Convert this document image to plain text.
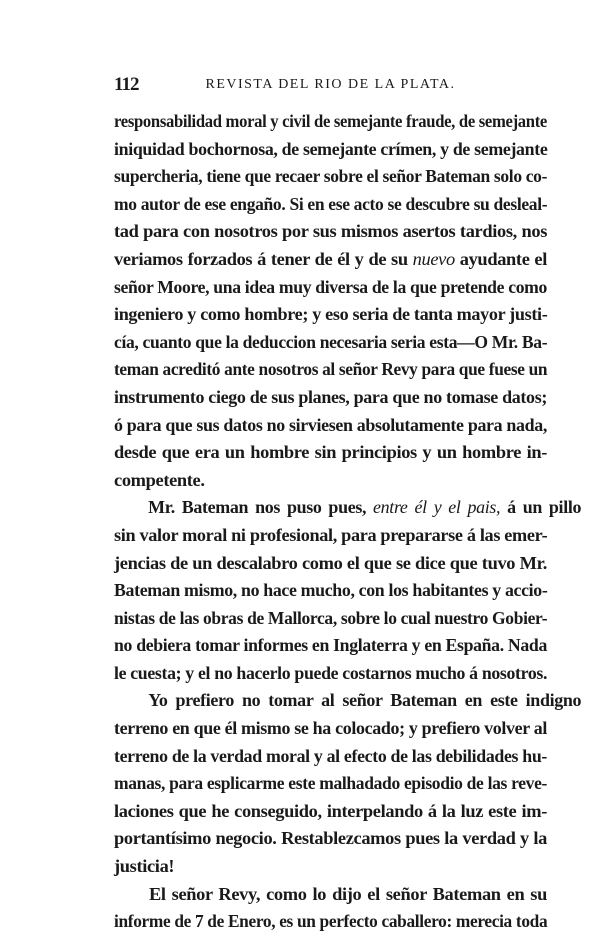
112	REVISTA DEL RIO DE LA PLATA.
responsabilidad moral y civil de semejante fraude, de semejante
iniquidad bochornosa, de semejante crímen, y de semejante
supercheria, tiene que recaer sobre el señor Bateman solo co-
mo autor de ese engaño. Si en ese acto se descubre su desleal-
tad para con nosotros por sus mismos asertos tardios, nos
veriamos forzados á tener de él y de su nuevo ayudante el
señor Moore, una idea muy diversa de la que pretende como
ingeniero y como hombre; y eso seria de tanta mayor justi-
cía, cuanto que la deduccion necesaria seria esta—O Mr. Ba-
teman acreditó ante nosotros al señor Revy para que fuese un
instrumento ciego de sus planes, para que no tomase datos;
ó para que sus datos no sirviesen absolutamente para nada,
desde que era un hombre sin principios y un hombre in-
competente.
Mr. Bateman nos puso pues, entre él y el pais, á un pillo
sin valor moral ni profesional, para prepararse á las emer-
jencias de un descalabro como el que se dice que tuvo Mr.
Bateman mismo, no hace mucho, con los habitantes y accio-
nistas de las obras de Mallorca, sobre lo cual nuestro Gobier-
no debiera tomar informes en Inglaterra y en España. Nada
le cuesta; y el no hacerlo puede costarnos mucho á nosotros.
Yo prefiero no tomar al señor Bateman en este indigno
terreno en que él mismo se ha colocado; y prefiero volver al
terreno de la verdad moral y al efecto de las debilidades hu-
manas, para esplicarme este malhadado episodio de las reve-
laciones que he conseguido, interpelando á la luz este im-
portantísimo negocio. Restablezcamos pues la verdad y la
justicia!
El señor Revy, como lo dijo el señor Bateman en su
informe de 7 de Enero, es un perfecto caballero: merecia toda
